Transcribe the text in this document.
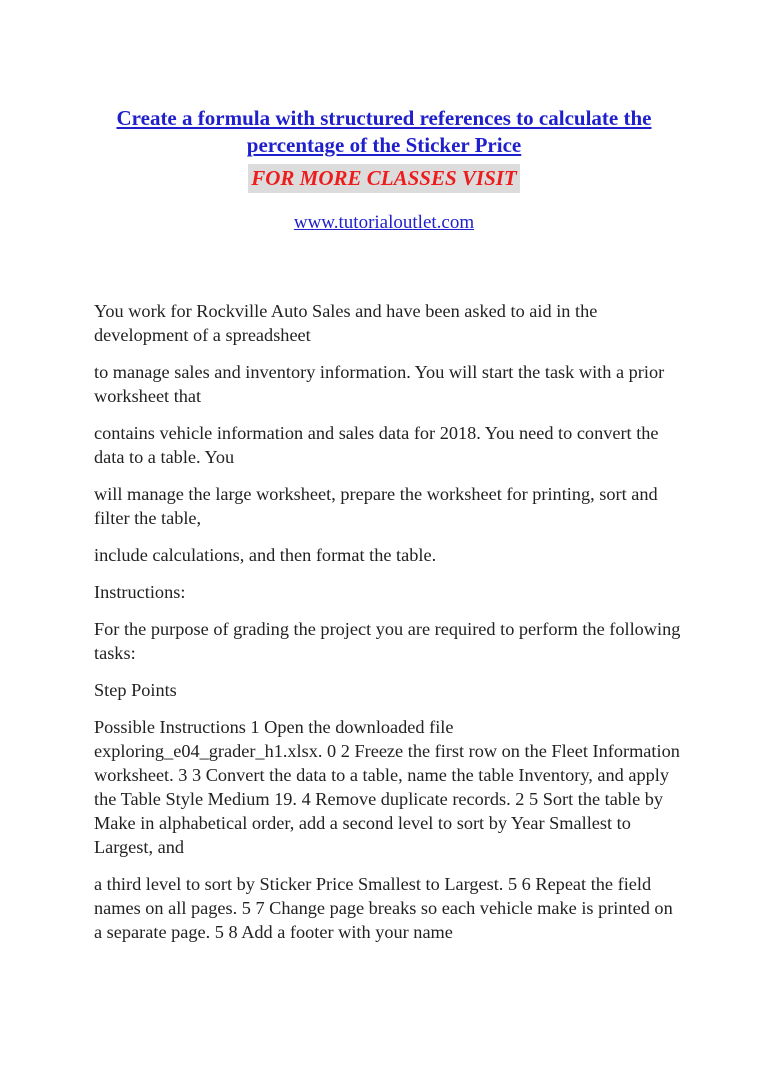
Create a formula with structured references to calculate the percentage of the Sticker Price
FOR MORE CLASSES VISIT
www.tutorialoutlet.com

You work for Rockville Auto Sales and have been asked to aid in the development of a spreadsheet

to manage sales and inventory information. You will start the task with a prior worksheet that

contains vehicle information and sales data for 2018. You need to convert the data to a table. You

will manage the large worksheet, prepare the worksheet for printing, sort and filter the table,

include calculations, and then format the table.

Instructions:

For the purpose of grading the project you are required to perform the following tasks:

Step Points

Possible Instructions 1 Open the downloaded file exploring_e04_grader_h1.xlsx. 0 2 Freeze the first row on the Fleet Information worksheet. 3 3 Convert the data to a table, name the table Inventory, and apply the Table Style Medium 19. 4 Remove duplicate records. 2 5 Sort the table by Make in alphabetical order, add a second level to sort by Year Smallest to Largest, and

a third level to sort by Sticker Price Smallest to Largest. 5 6 Repeat the field names on all pages. 5 7 Change page breaks so each vehicle make is printed on a separate page. 5 8 Add a footer with your name
